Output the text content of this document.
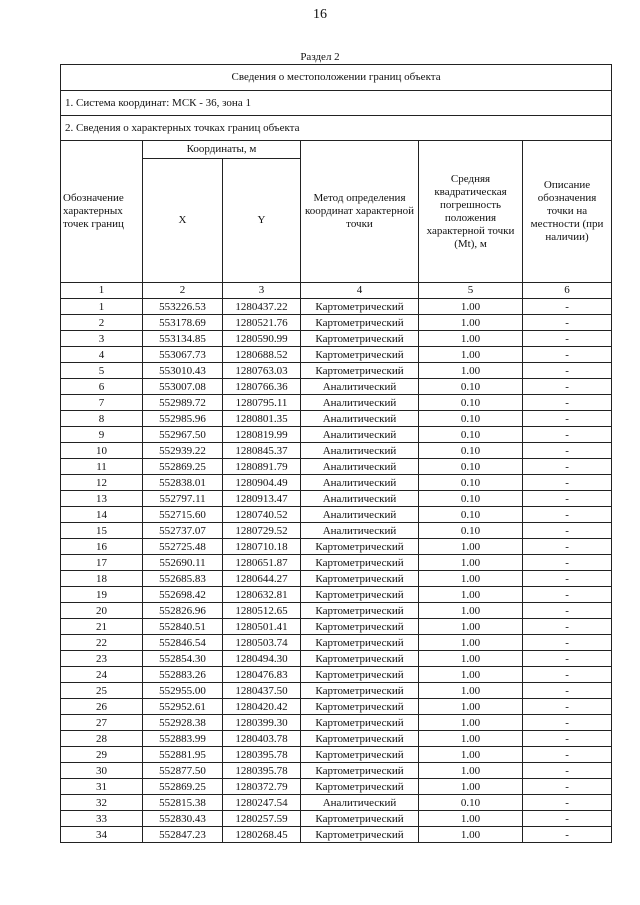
16
Раздел 2
Сведения о местоположении границ объекта					
1. Система координат: МСК - 36, зона 1					
2. Сведения о характерных точках границ объекта					
Обозначение характерных точек границ	Координаты, м		Метод определения координат характерной точки	Средняя квадратическая погрешность положения характерной точки (Mt), м	Описание обозначения точки на местности (при наличии)
	X	Y			
1	2	3	4	5	6
1	553226.53	1280437.22	Картометрический	1.00	-
2	553178.69	1280521.76	Картометрический	1.00	-
3	553134.85	1280590.99	Картометрический	1.00	-
4	553067.73	1280688.52	Картометрический	1.00	-
5	553010.43	1280763.03	Картометрический	1.00	-
6	553007.08	1280766.36	Аналитический	0.10	-
7	552989.72	1280795.11	Аналитический	0.10	-
8	552985.96	1280801.35	Аналитический	0.10	-
9	552967.50	1280819.99	Аналитический	0.10	-
10	552939.22	1280845.37	Аналитический	0.10	-
11	552869.25	1280891.79	Аналитический	0.10	-
12	552838.01	1280904.49	Аналитический	0.10	-
13	552797.11	1280913.47	Аналитический	0.10	-
14	552715.60	1280740.52	Аналитический	0.10	-
15	552737.07	1280729.52	Аналитический	0.10	-
16	552725.48	1280710.18	Картометрический	1.00	-
17	552690.11	1280651.87	Картометрический	1.00	-
18	552685.83	1280644.27	Картометрический	1.00	-
19	552698.42	1280632.81	Картометрический	1.00	-
20	552826.96	1280512.65	Картометрический	1.00	-
21	552840.51	1280501.41	Картометрический	1.00	-
22	552846.54	1280503.74	Картометрический	1.00	-
23	552854.30	1280494.30	Картометрический	1.00	-
24	552883.26	1280476.83	Картометрический	1.00	-
25	552955.00	1280437.50	Картометрический	1.00	-
26	552952.61	1280420.42	Картометрический	1.00	-
27	552928.38	1280399.30	Картометрический	1.00	-
28	552883.99	1280403.78	Картометрический	1.00	-
29	552881.95	1280395.78	Картометрический	1.00	-
30	552877.50	1280395.78	Картометрический	1.00	-
31	552869.25	1280372.79	Картометрический	1.00	-
32	552815.38	1280247.54	Аналитический	0.10	-
33	552830.43	1280257.59	Картометрический	1.00	-
34	552847.23	1280268.45	Картометрический	1.00	-
